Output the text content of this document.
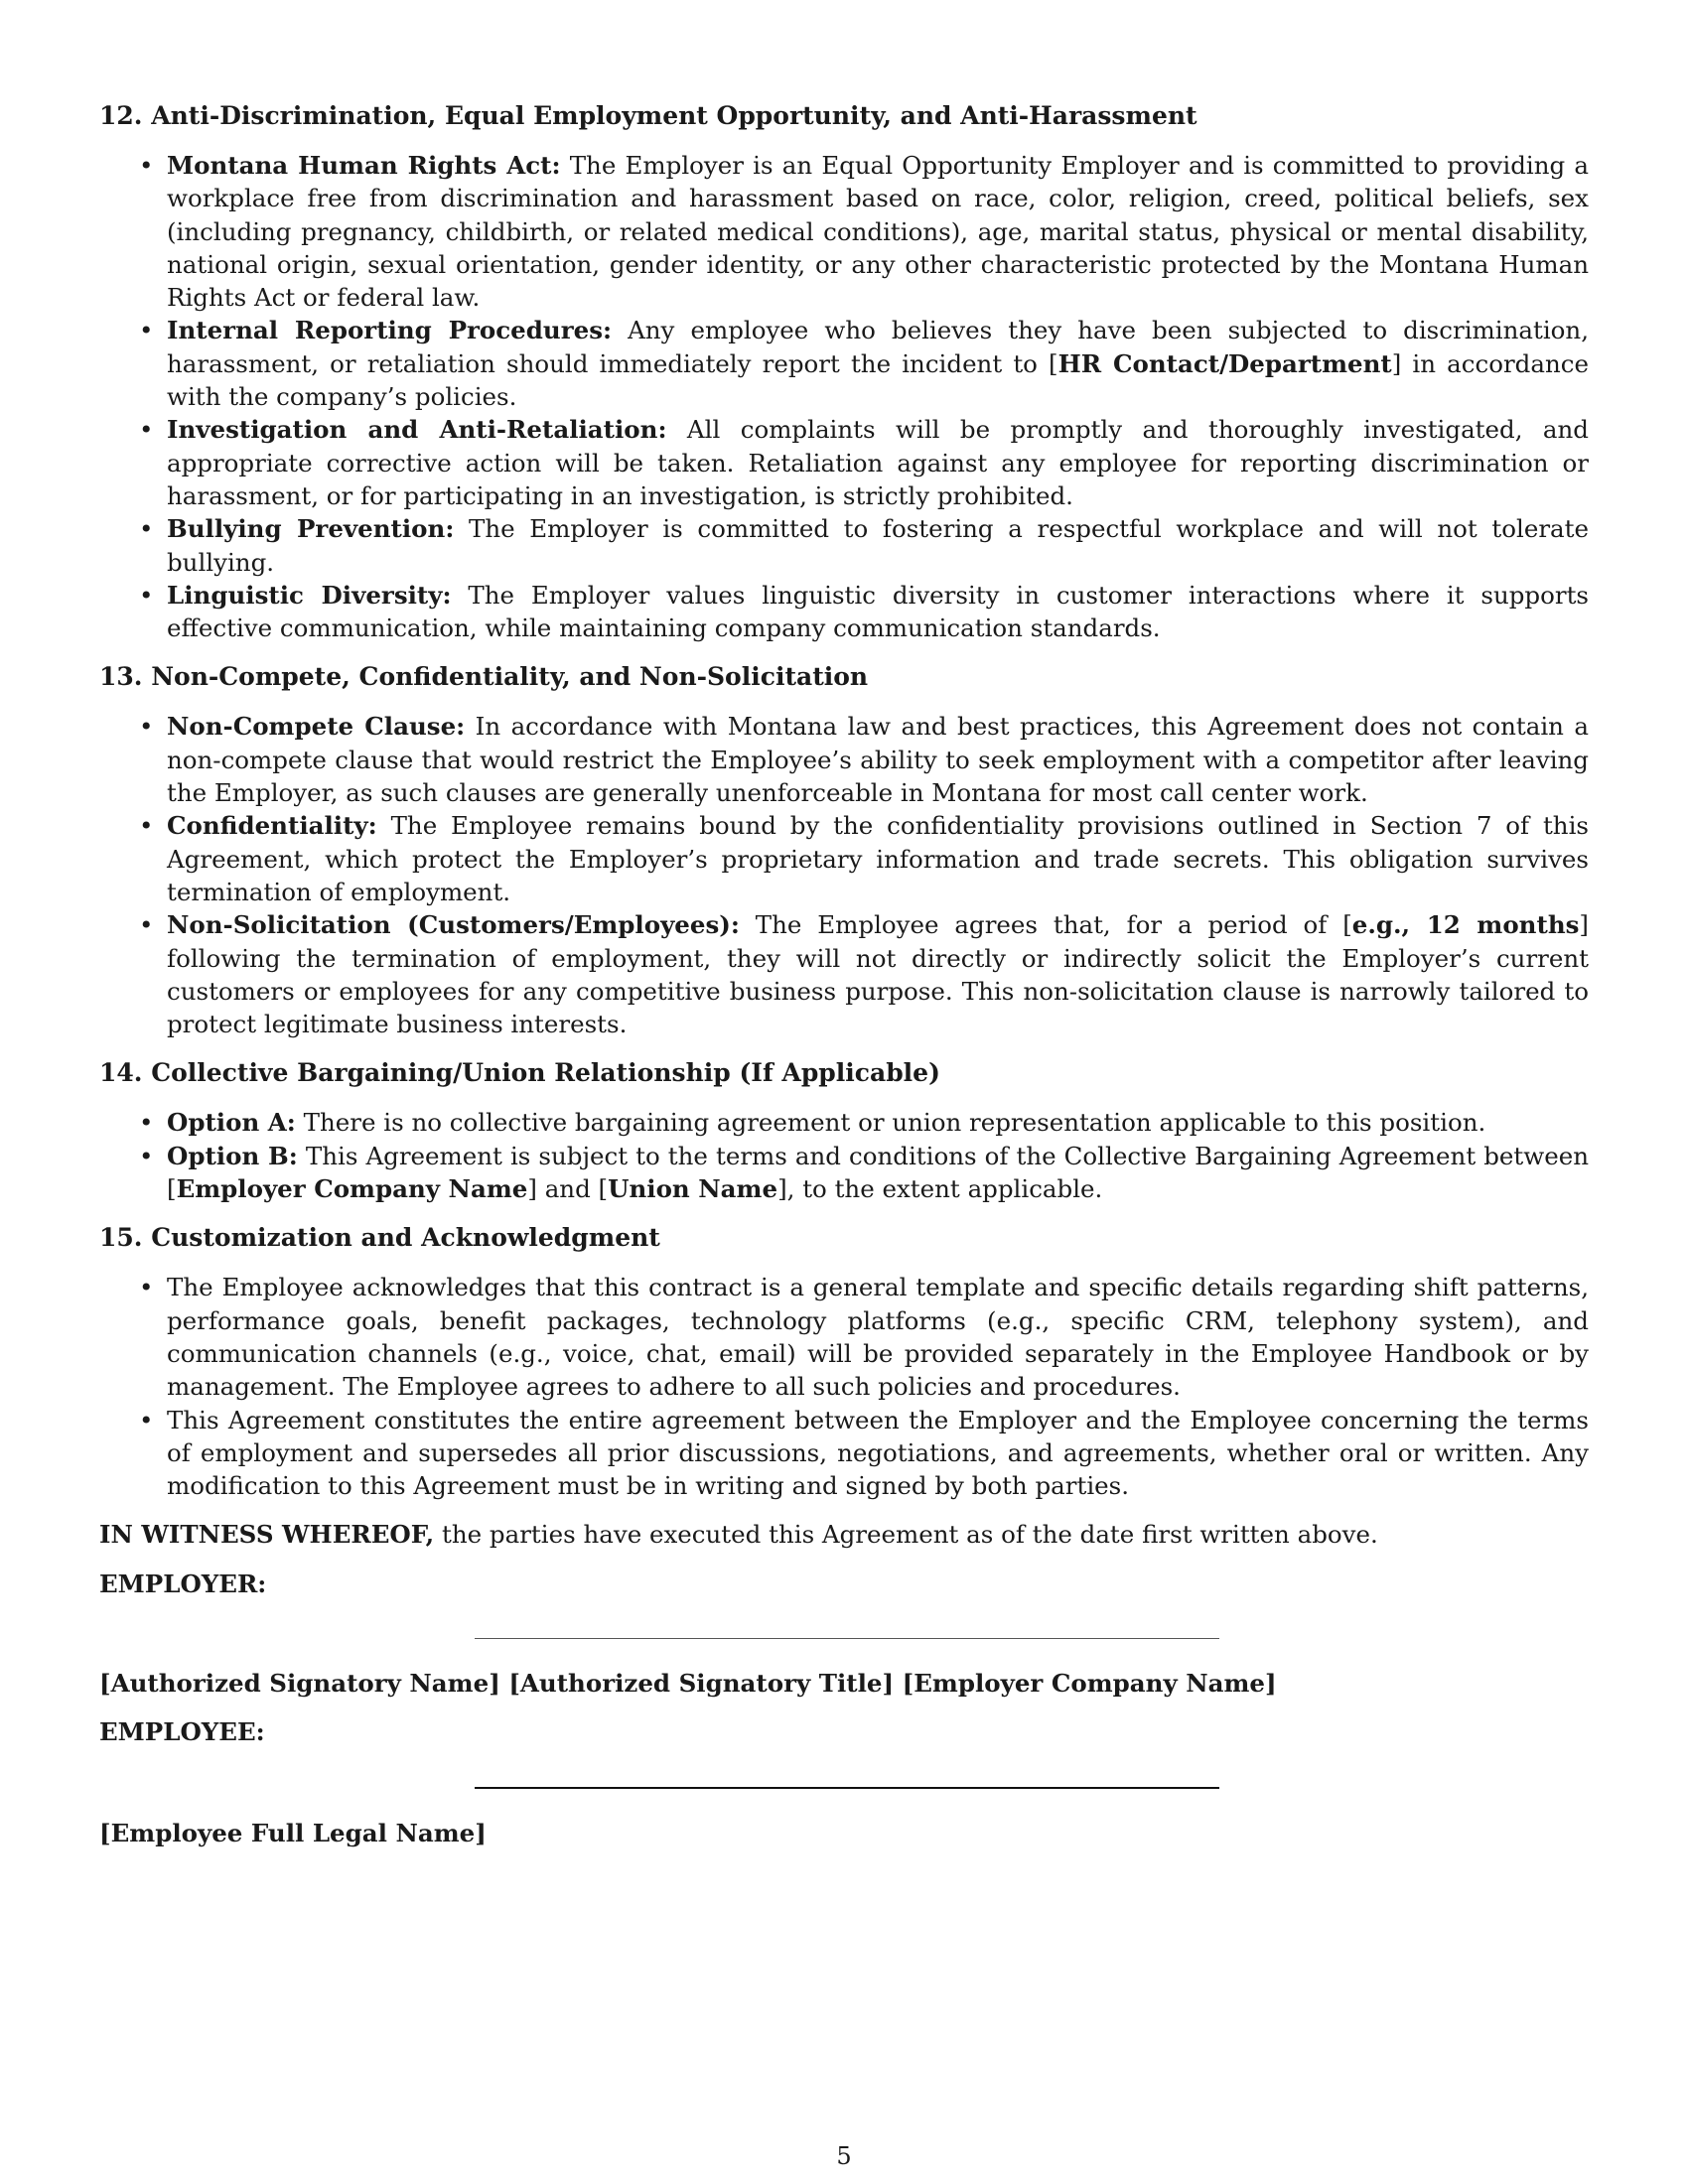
12. Anti-Discrimination, Equal Employment Opportunity, and Anti-Harassment
• Montana Human Rights Act: The Employer is an Equal Opportunity Employer and is committed to providing a workplace free from discrimination and harassment based on race, color, religion, creed, political beliefs, sex (including pregnancy, childbirth, or related medical conditions), age, marital status, physical or mental disability, national origin, sexual orientation, gender identity, or any other characteristic protected by the Montana Human Rights Act or federal law.
• Internal Reporting Procedures: Any employee who believes they have been subjected to discrimination, harassment, or retaliation should immediately report the incident to [HR Contact/Department] in accordance with the company’s policies.
• Investigation and Anti-Retaliation: All complaints will be promptly and thoroughly investigated, and appropriate corrective action will be taken. Retaliation against any employee for reporting discrimination or harassment, or for participating in an investigation, is strictly prohibited.
• Bullying Prevention: The Employer is committed to fostering a respectful workplace and will not tolerate bullying.
• Linguistic Diversity: The Employer values linguistic diversity in customer interactions where it supports effective communication, while maintaining company communication standards.
13. Non-Compete, Confidentiality, and Non-Solicitation
• Non-Compete Clause: In accordance with Montana law and best practices, this Agreement does not contain a non-compete clause that would restrict the Employee’s ability to seek employment with a competitor after leaving the Employer, as such clauses are generally unenforceable in Montana for most call center work.
• Confidentiality: The Employee remains bound by the confidentiality provisions outlined in Section 7 of this Agreement, which protect the Employer’s proprietary information and trade secrets. This obligation survives termination of employment.
• Non-Solicitation (Customers/Employees): The Employee agrees that, for a period of [e.g., 12 months] following the termination of employment, they will not directly or indirectly solicit the Employer’s current customers or employees for any competitive business purpose. This non-solicitation clause is narrowly tailored to protect legitimate business interests.
14. Collective Bargaining/Union Relationship (If Applicable)
• Option A: There is no collective bargaining agreement or union representation applicable to this position.
• Option B: This Agreement is subject to the terms and conditions of the Collective Bargaining Agreement between [Employer Company Name] and [Union Name], to the extent applicable.
15. Customization and Acknowledgment
• The Employee acknowledges that this contract is a general template and specific details regarding shift patterns, performance goals, benefit packages, technology platforms (e.g., specific CRM, telephony system), and communication channels (e.g., voice, chat, email) will be provided separately in the Employee Handbook or by management. The Employee agrees to adhere to all such policies and procedures.
• This Agreement constitutes the entire agreement between the Employer and the Employee concerning the terms of employment and supersedes all prior discussions, negotiations, and agreements, whether oral or written. Any modification to this Agreement must be in writing and signed by both parties.

IN WITNESS WHEREOF, the parties have executed this Agreement as of the date first written above.

EMPLOYER:

[Authorized Signatory Name] [Authorized Signatory Title] [Employer Company Name]

EMPLOYEE:

[Employee Full Legal Name]

5
